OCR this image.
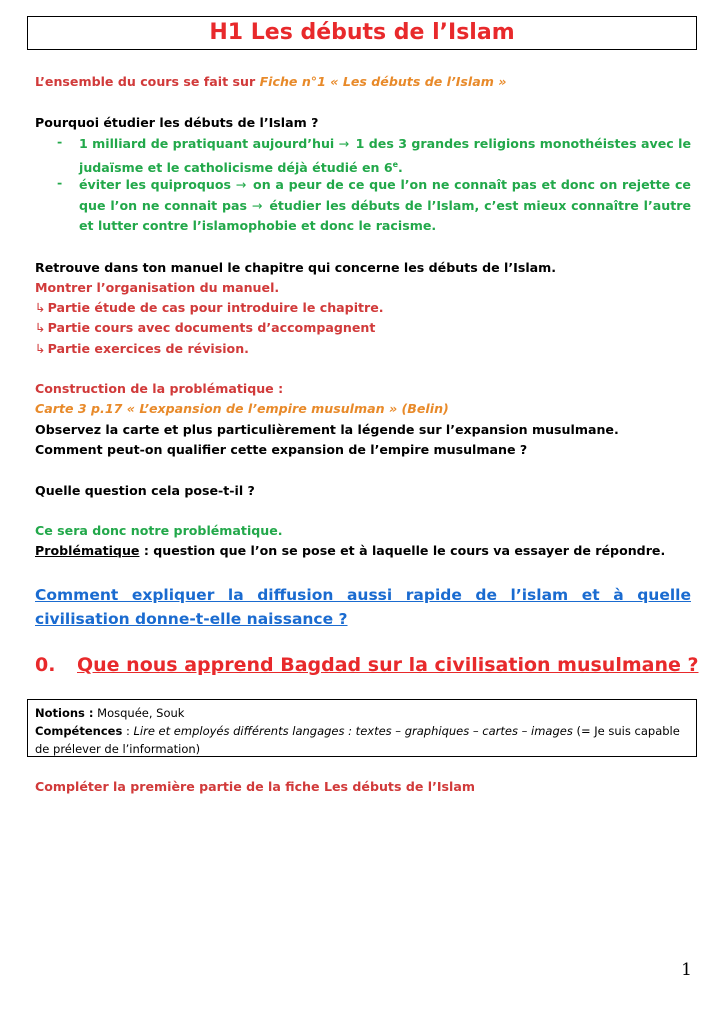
H1 Les débuts de l’Islam
L’ensemble du cours se fait sur Fiche n°1 « Les débuts de l’Islam »
Pourquoi étudier les débuts de l’Islam ?
- 1 milliard de pratiquant aujourd’hui → 1 des 3 grandes religions monothéistes avec le judaïsme et le catholicisme déjà étudié en 6e.
- éviter les quiproquos → on a peur de ce que l’on ne connaît pas et donc on rejette ce que l’on ne connait pas → étudier les débuts de l’Islam, c’est mieux connaître l’autre et lutter contre l’islamophobie et donc le racisme.
Retrouve dans ton manuel le chapitre qui concerne les débuts de l’Islam.
Montrer l’organisation du manuel.
↳ Partie étude de cas pour introduire le chapitre.
↳ Partie cours avec documents d’accompagnent
↳ Partie exercices de révision.
Construction de la problématique :
Carte 3 p.17 « L’expansion de l’empire musulman » (Belin)
Observez la carte et plus particulièrement la légende sur l’expansion musulmane.
Comment peut-on qualifier cette expansion de l’empire musulmane ?
Quelle question cela pose-t-il ?
Ce sera donc notre problématique.
Problématique : question que l’on se pose et à laquelle le cours va essayer de répondre.
Comment expliquer la diffusion aussi rapide de l’islam et à quelle civilisation donne-t-elle naissance ?
0. Que nous apprend Bagdad sur la civilisation musulmane ?
Notions : Mosquée, Souk
Compétences : Lire et employés différents langages : textes – graphiques – cartes – images (= Je suis capable de prélever de l’information)
Compléter la première partie de la fiche Les débuts de l’Islam
1
